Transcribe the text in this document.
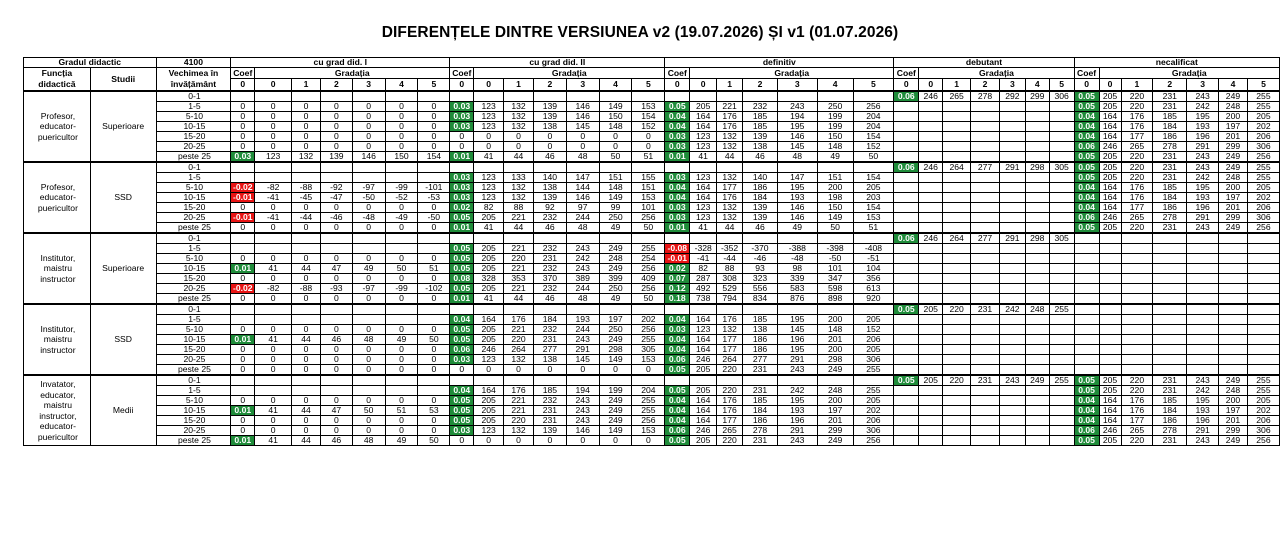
DIFERENȚELE DINTRE VERSIUNEA v2 (19.07.2026) ȘI v1 (01.07.2026)
Gradul didactic		4100	cu grad did. I							cu grad did. II							definitiv							debutant							necalificat						
Funcția didactică	Studii	Vechimea în învățământ	Coef	Gradația						Coef	Gradația						Coef	Gradația						Coef	Gradația						Coef	Gradația					
			0	0	1	2	3	4	5	0	0	1	2	3	4	5	0	0	1	2	3	4	5	0	0	1	2	3	4	5	0	0	1	2	3	4	5
Profesor, educator-puericultor	Superioare	0-1																						0.06	246	265	278	292	299	306	0.05	205	220	231	243	249	255
		1-5	0	0	0	0	0	0	0	0.03	123	132	139	146	149	153	0.05	205	221	232	243	250	256								0.05	205	220	231	242	248	255
		5-10	0	0	0	0	0	0	0	0.03	123	132	139	146	150	154	0.04	164	176	185	194	199	204								0.04	164	176	185	195	200	205
		10-15	0	0	0	0	0	0	0	0.03	123	132	138	145	148	152	0.04	164	176	185	195	199	204								0.04	164	176	184	193	197	202
		15-20	0	0	0	0	0	0	0	0	0	0	0	0	0	0	0.03	123	132	139	146	150	154								0.04	164	177	186	196	201	206
		20-25	0	0	0	0	0	0	0	0	0	0	0	0	0	0	0.03	123	132	138	145	148	152								0.06	246	265	278	291	299	306
		peste 25	0.03	123	132	139	146	150	154	0.01	41	44	46	48	50	51	0.01	41	44	46	48	49	50								0.05	205	220	231	243	249	256
Profesor, educator-puericultor	SSD	0-1																						0.06	246	264	277	291	298	305	0.05	205	220	231	243	249	255
		1-5								0.03	123	133	140	147	151	155	0.03	123	132	140	147	151	154								0.05	205	220	231	242	248	255
		5-10	-0.02	-82	-88	-92	-97	-99	-101	0.03	123	132	138	144	148	151	0.04	164	177	186	195	200	205								0.04	164	176	185	195	200	205
		10-15	-0.01	-41	-45	-47	-50	-52	-53	0.03	123	132	139	146	149	153	0.04	164	176	184	193	198	203								0.04	164	176	184	193	197	202
		15-20	0	0	0	0	0	0	0	0.02	82	88	92	97	99	101	0.03	123	132	139	146	150	154								0.04	164	177	186	196	201	206
		20-25	-0.01	-41	-44	-46	-48	-49	-50	0.05	205	221	232	244	250	256	0.03	123	132	139	146	149	153								0.06	246	265	278	291	299	306
		peste 25	0	0	0	0	0	0	0	0.01	41	44	46	48	49	50	0.01	41	44	46	49	50	51								0.05	205	220	231	243	249	256
Institutor, maistru instructor	Superioare	0-1																						0.06	246	264	277	291	298	305							
		1-5								0.05	205	221	232	243	249	255	-0.08	-328	-352	-370	-388	-398	-408														
		5-10	0	0	0	0	0	0	0	0.05	205	220	231	242	248	254	-0.01	-41	-44	-46	-48	-50	-51														
		10-15	0.01	41	44	47	49	50	51	0.05	205	221	232	243	249	256	0.02	82	88	93	98	101	104														
		15-20	0	0	0	0	0	0	0	0.08	328	353	370	389	399	409	0.07	287	308	323	339	347	356														
		20-25	-0.02	-82	-88	-93	-97	-99	-102	0.05	205	221	232	244	250	256	0.12	492	529	556	583	598	613														
		peste 25	0	0	0	0	0	0	0	0.01	41	44	46	48	49	50	0.18	738	794	834	876	898	920														
Institutor, maistru instructor	SSD	0-1																						0.05	205	220	231	242	248	255							
		1-5								0.04	164	176	184	193	197	202	0.04	164	176	185	195	200	205														
		5-10	0	0	0	0	0	0	0	0.05	205	221	232	244	250	256	0.03	123	132	138	145	148	152														
		10-15	0.01	41	44	46	48	49	50	0.05	205	220	231	243	249	255	0.04	164	177	186	196	201	206														
		15-20	0	0	0	0	0	0	0	0.06	246	264	277	291	298	305	0.04	164	177	186	195	200	205														
		20-25	0	0	0	0	0	0	0	0.03	123	132	138	145	149	153	0.06	246	264	277	291	298	306														
		peste 25	0	0	0	0	0	0	0	0	0	0	0	0	0	0	0.05	205	220	231	243	249	255														
Invatator, educator, maistru instructor, educator-puericultor	Medii	0-1																						0.05	205	220	231	243	249	255	0.05	205	220	231	243	249	255
		1-5								0.04	164	176	185	194	199	204	0.05	205	220	231	242	248	255								0.05	205	220	231	242	248	255
		5-10	0	0	0	0	0	0	0	0.05	205	221	232	243	249	255	0.04	164	176	185	195	200	205								0.04	164	176	185	195	200	205
		10-15	0.01	41	44	47	50	51	53	0.05	205	221	231	243	249	255	0.04	164	176	184	193	197	202								0.04	164	176	184	193	197	202
		15-20	0	0	0	0	0	0	0	0.05	205	220	231	243	249	256	0.04	164	177	186	196	201	206								0.04	164	177	186	196	201	206
		20-25	0	0	0	0	0	0	0	0.03	123	132	139	146	149	153	0.06	246	265	278	291	299	306								0.06	246	265	278	291	299	306
		peste 25	0.01	41	44	46	48	49	50	0	0	0	0	0	0	0	0.05	205	220	231	243	249	256								0.05	205	220	231	243	249	256
